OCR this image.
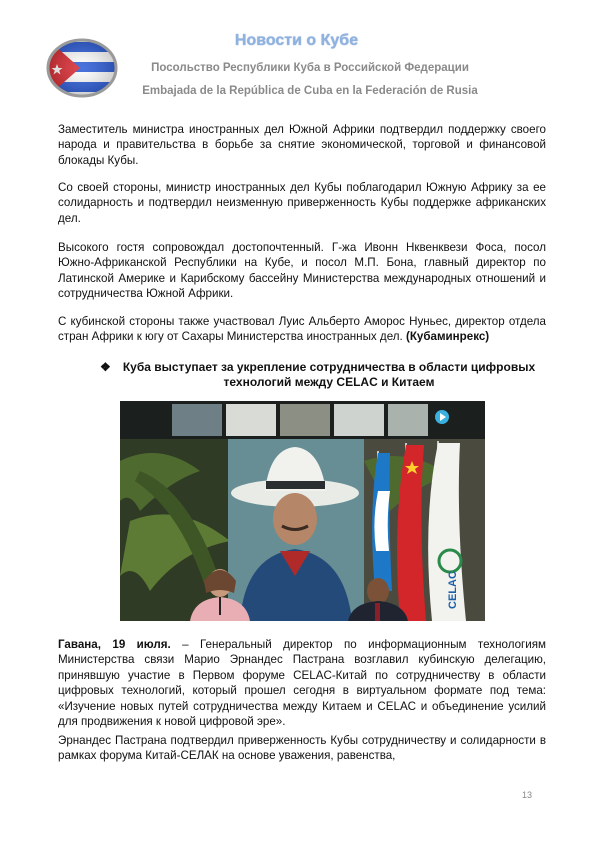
Новости о Кубе
Посольство Республики Куба в Российской Федерации
Embajada de la República de Cuba en la Federación de Rusia

Заместитель министра иностранных дел Южной Африки подтвердил поддержку своего народа и правительства в борьбе за снятие экономической, торговой и финансовой блокады Кубы.

Со своей стороны, министр иностранных дел Кубы поблагодарил Южную Африку за ее солидарность и подтвердил неизменную приверженность Кубы поддержке африканских дел.

Высокого гостя сопровождал достопочтенный. Г-жа Ивонн Нквенквези Фоса, посол Южно-Африканской Республики на Кубе, и посол М.П. Бона, главный директор по Латинской Америке и Карибскому бассейну Министерства международных отношений и сотрудничества Южной Африки.

С кубинской стороны также участвовал Луис Альберто Аморос Нуньес, директор отдела стран Африки к югу от Сахары Министерства иностранных дел. (Кубаминрекс)

❖	Куба выступает за укрепление сотрудничества в области цифровых
технологий между CELAC и Китаем
CELAC

Гавана, 19 июля. – Генеральный директор по информационным технологиям Министерства связи Марио Эрнандес Пастрана возглавил кубинскую делегацию, принявшую участие в Первом форуме CELAC-Китай по сотрудничеству в области цифровых технологий, который прошел сегодня в виртуальном формате под тема: «Изучение новых путей сотрудничества между Китаем и CELAC и объединение усилий для продвижения к новой цифровой эре».

Эрнандес Пастрана подтвердил приверженность Кубы сотрудничеству и солидарности в рамках форума Китай-СЕЛАК на основе уважения, равенства,

13
